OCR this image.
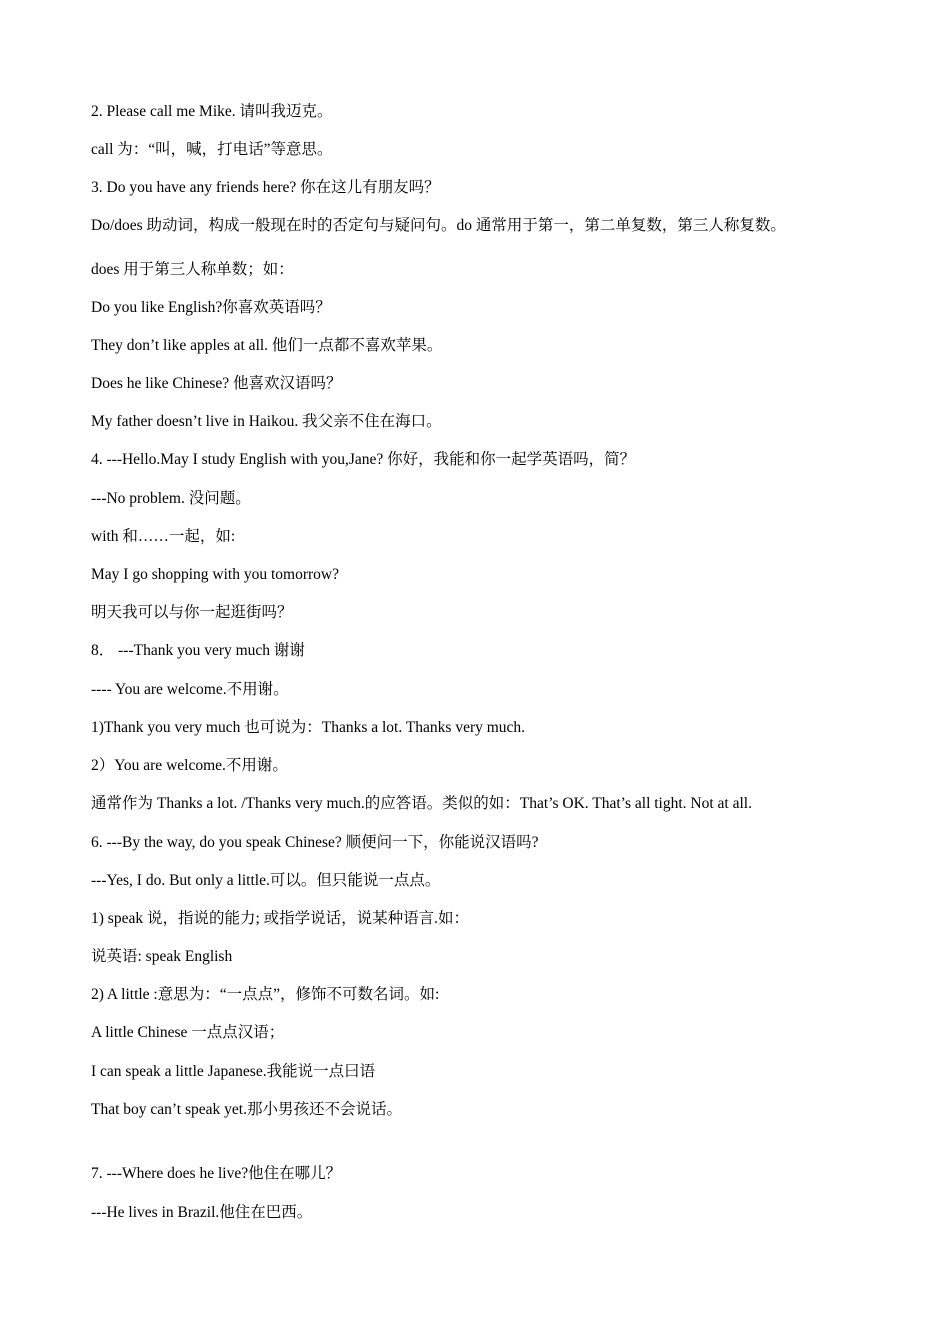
2. Please call me Mike. 请叫我迈克。

call 为：“叫，喊，打电话”等意思。

3. Do you have any friends here? 你在这儿有朋友吗？

Do/does 助动词，构成一般现在时的否定句与疑问句。do 通常用于第一，第二单复数，第三人称复数。

does 用于第三人称单数；如：

Do you like English?你喜欢英语吗？

They don’t like apples at all. 他们一点都不喜欢苹果。

Does he like Chinese? 他喜欢汉语吗？

My father doesn’t live in Haikou. 我父亲不住在海口。

4. ---Hello.May I study English with you,Jane? 你好，我能和你一起学英语吗，简？

---No problem. 没问题。

with 和……一起，如:

May I go shopping with you tomorrow?

明天我可以与你一起逛街吗？

8． ---Thank you very much 谢谢

---- You are welcome.不用谢。

1)Thank you very much 也可说为：Thanks a lot. Thanks very much.

2）You are welcome.不用谢。

通常作为 Thanks a lot. /Thanks very much.的应答语。类似的如：That’s OK. That’s all tight. Not at all.

6. ---By the way, do you speak Chinese? 顺便问一下，你能说汉语吗?

---Yes, I do. But only a little.可以。但只能说一点点。

1) speak 说，指说的能力; 或指学说话，说某种语言.如：

说英语: speak English

2) A little :意思为：“一点点”，修饰不可数名词。如:

A little Chinese 一点点汉语；

I can speak a little Japanese.我能说一点曰语

That boy can’t speak yet.那小男孩还不会说话。

7. ---Where does he live?他住在哪儿？

---He lives in Brazil.他住在巴西。
